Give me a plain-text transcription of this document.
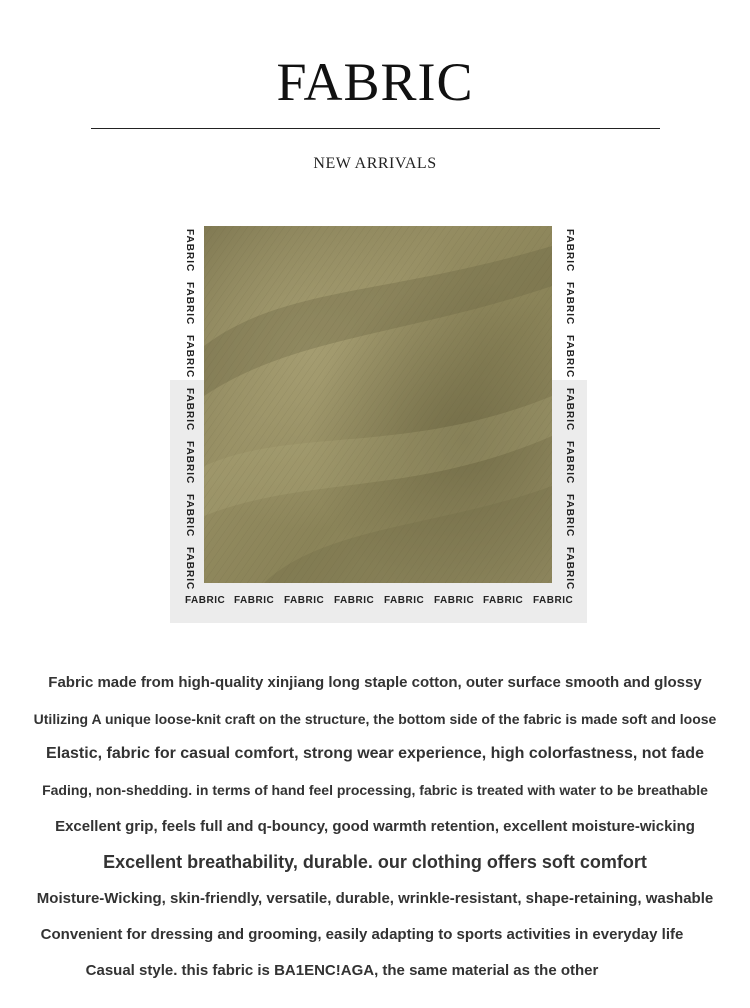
FABRIC
NEW ARRIVALS
FABRIC
FABRIC
FABRIC
FABRIC
FABRIC
FABRIC
FABRIC
FABRIC
FABRIC
FABRIC
FABRIC
FABRIC
FABRIC
FABRIC
FABRIC FABRIC FABRIC FABRIC FABRIC FABRIC FABRIC FABRIC
Fabric made from high-quality xinjiang long staple cotton, outer surface smooth and glossy
Utilizing A unique loose-knit craft on the structure, the bottom side of the fabric is made soft and loose
Elastic, fabric for casual comfort, strong wear experience, high colorfastness, not fade
Fading, non-shedding. in terms of hand feel processing, fabric is treated with water to be breathable
Excellent grip, feels full and q-bouncy, good warmth retention, excellent moisture-wicking
Excellent breathability, durable. our clothing offers soft comfort
Moisture-Wicking, skin-friendly, versatile, durable, wrinkle-resistant, shape-retaining, washable
Convenient for dressing and grooming, easily adapting to sports activities in everyday life
Casual style. this fabric is BA1ENC!AGA, the same material as the other
